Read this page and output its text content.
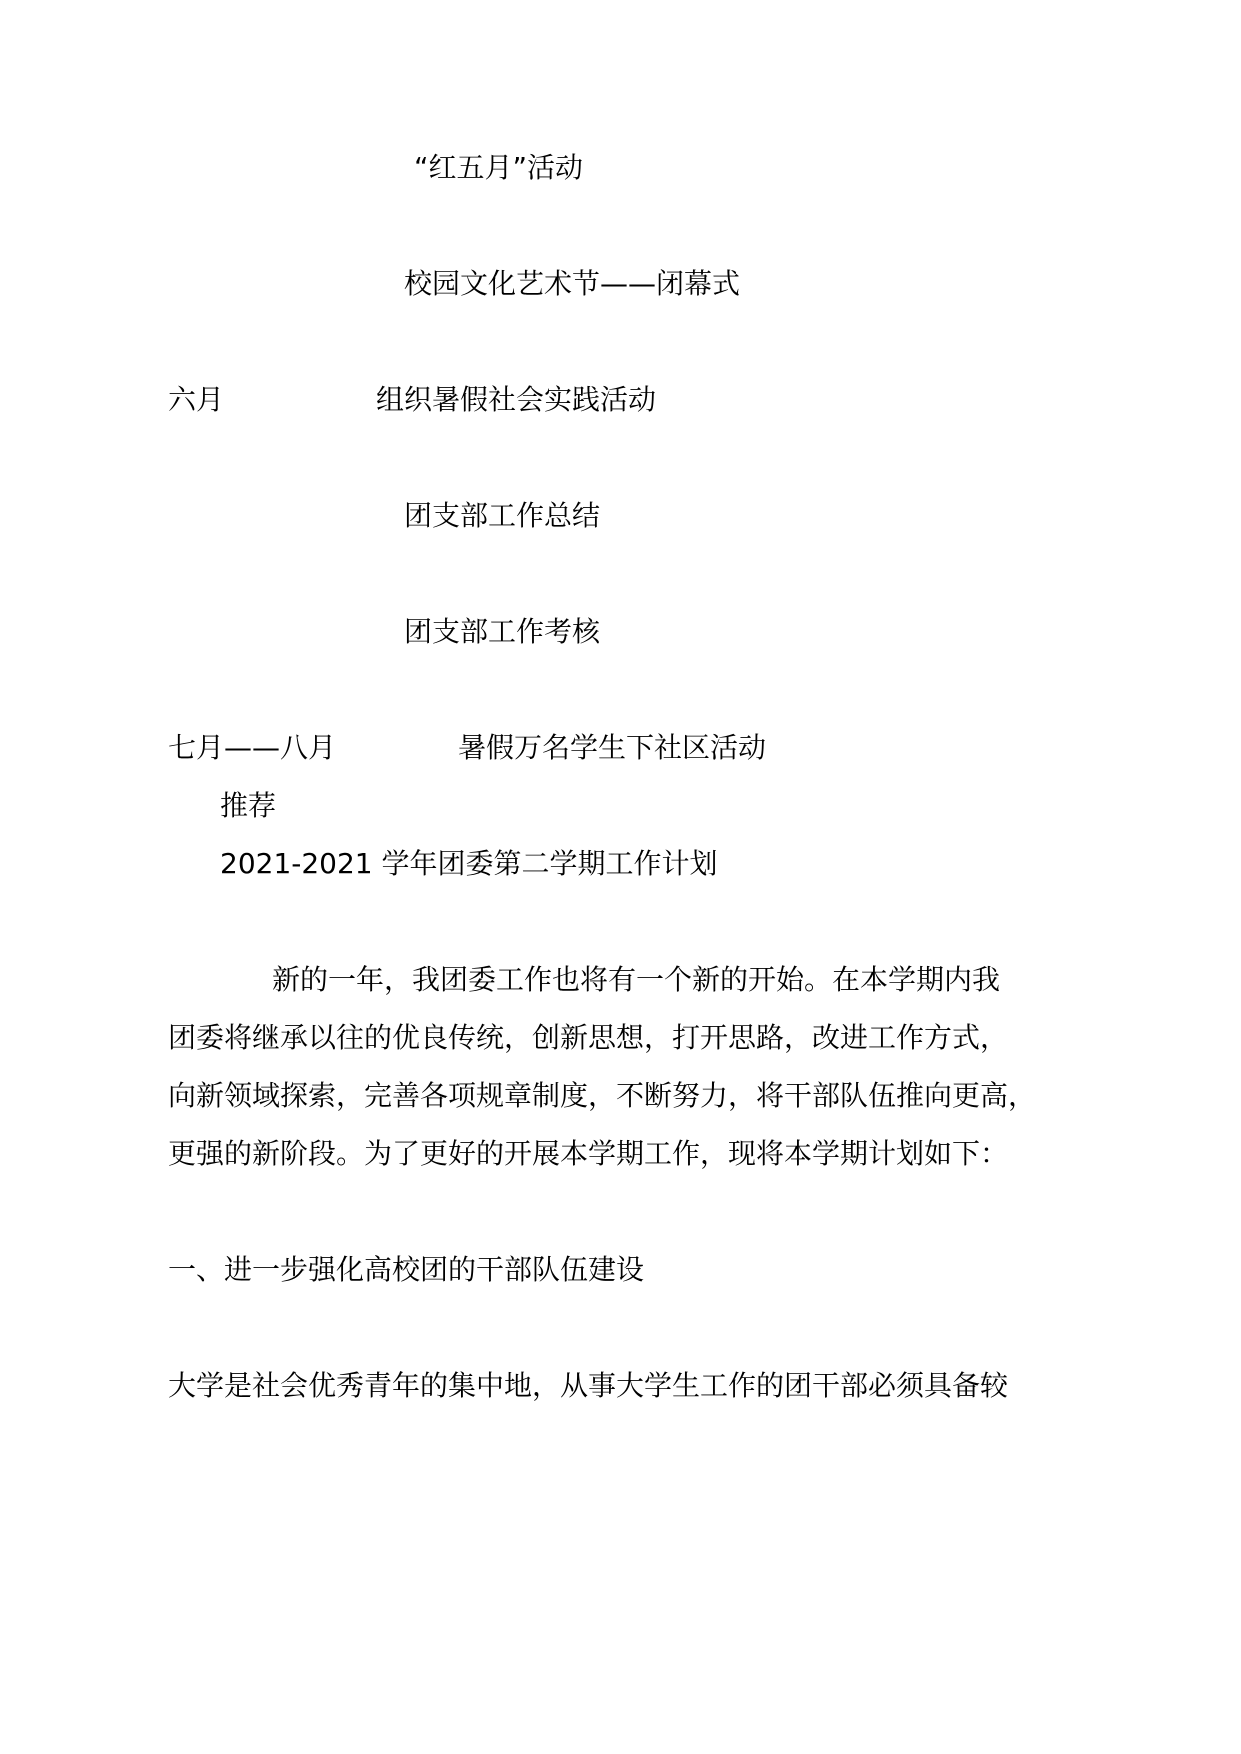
“红五月”活动
校园文化艺术节——闭幕式
六月	组织暑假社会实践活动
团支部工作总结
团支部工作考核
七月——八月	暑假万名学生下社区活动
推荐
2021-2021 学年团委第二学期工作计划
新的一年，我团委工作也将有一个新的开始。在本学期内我
团委将继承以往的优良传统，创新思想，打开思路，改进工作方式，
向新领域探索，完善各项规章制度，不断努力，将干部队伍推向更高，
更强的新阶段。为了更好的开展本学期工作，现将本学期计划如下：
一、进一步强化高校团的干部队伍建设
大学是社会优秀青年的集中地，从事大学生工作的团干部必须具备较
